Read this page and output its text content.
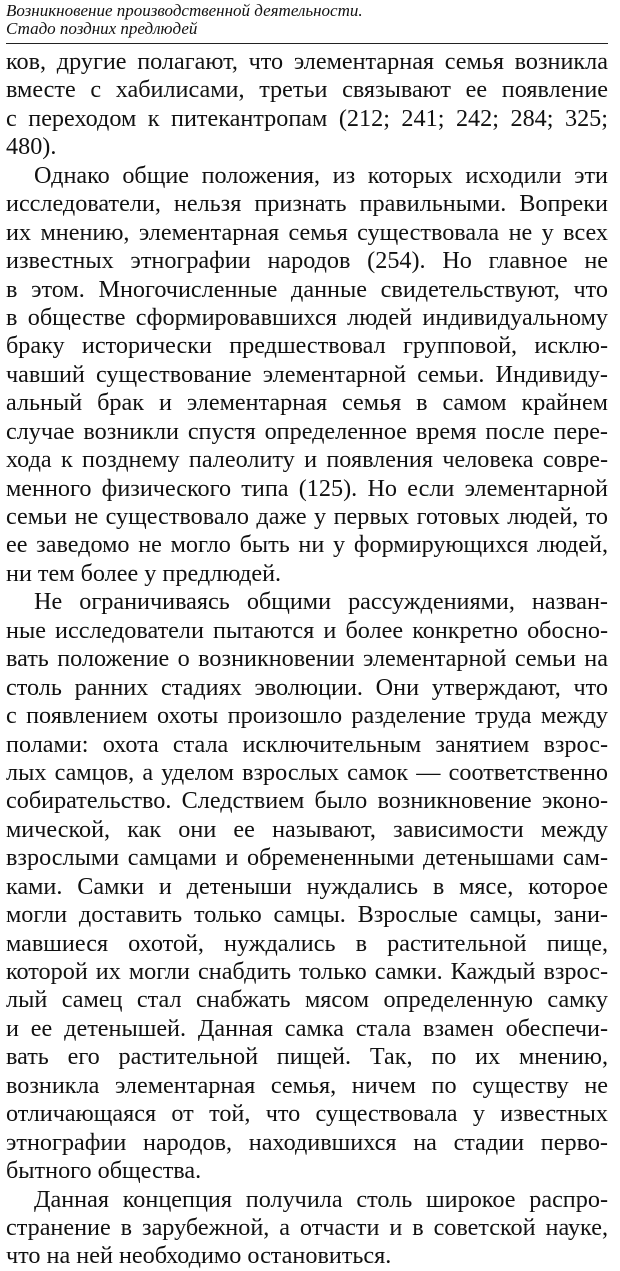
Возникновение производственной деятельности.
Стадо поздних предлюдей
ков, другие полагают, что элементарная семья возникла
вместе с хабилисами, третьи связывают ее появление
с переходом к питекантропам (212; 241; 242; 284; 325;
480).
Однако общие положения, из которых исходили эти
исследователи, нельзя признать правильными. Вопреки
их мнению, элементарная семья существовала не у всех
известных этнографии народов (254). Но главное не
в этом. Многочисленные данные свидетельствуют, что
в обществе сформировавшихся людей индивидуальному
браку исторически предшествовал групповой, исклю-
чавший существование элементарной семьи. Индивиду-
альный брак и элементарная семья в самом крайнем
случае возникли спустя определенное время после пере-
хода к позднему палеолиту и появления человека совре-
менного физического типа (125). Но если элементарной
семьи не существовало даже у первых готовых людей, то
ее заведомо не могло быть ни у формирующихся людей,
ни тем более у предлюдей.
Не ограничиваясь общими рассуждениями, назван-
ные исследователи пытаются и более конкретно обосно-
вать положение о возникновении элементарной семьи на
столь ранних стадиях эволюции. Они утверждают, что
с появлением охоты произошло разделение труда между
полами: охота стала исключительным занятием взрос-
лых самцов, а уделом взрослых самок — соответственно
собирательство. Следствием было возникновение эконо-
мической, как они ее называют, зависимости между
взрослыми самцами и обремененными детенышами сам-
ками. Самки и детеныши нуждались в мясе, которое
могли доставить только самцы. Взрослые самцы, зани-
мавшиеся охотой, нуждались в растительной пище,
которой их могли снабдить только самки. Каждый взрос-
лый самец стал снабжать мясом определенную самку
и ее детенышей. Данная самка стала взамен обеспечи-
вать его растительной пищей. Так, по их мнению,
возникла элементарная семья, ничем по существу не
отличающаяся от той, что существовала у известных
этнографии народов, находившихся на стадии перво-
бытного общества.
Данная концепция получила столь широкое распро-
странение в зарубежной, а отчасти и в советской науке,
что на ней необходимо остановиться.
